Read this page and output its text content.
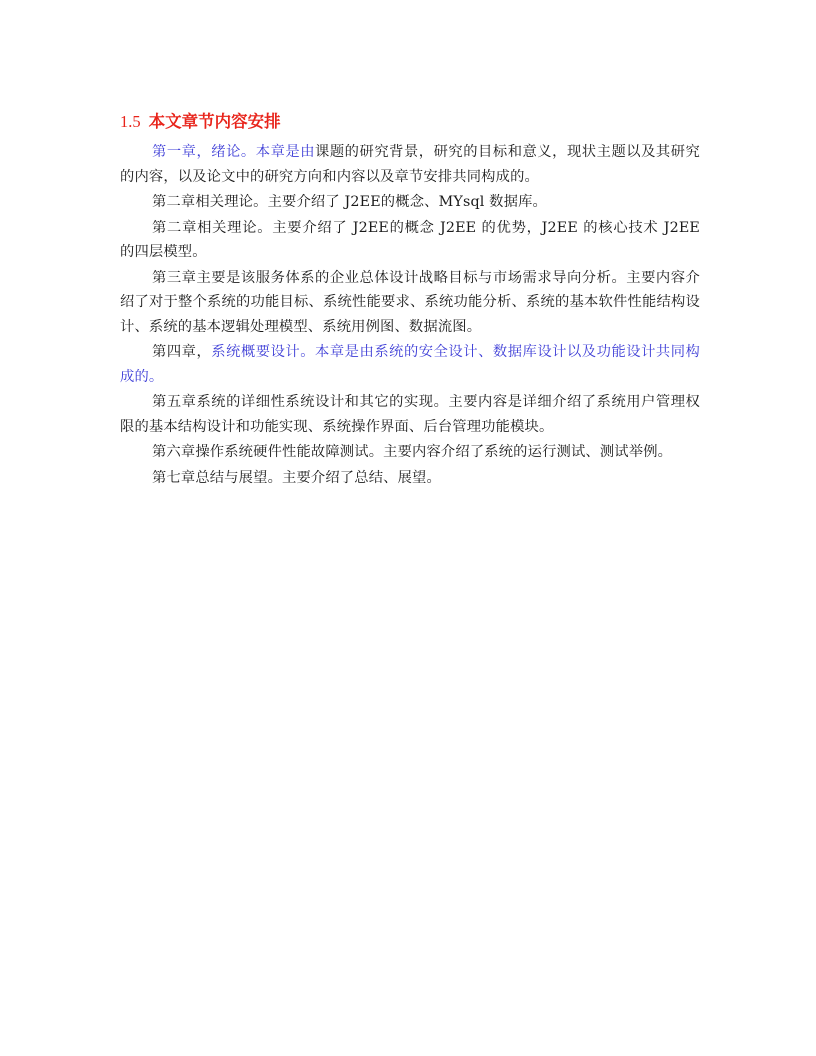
1.5 本文章节内容安排

第一章，绪论。本章是由课题的研究背景，研究的目标和意义，现状主题以及其研究的内容，以及论文中的研究方向和内容以及章节安排共同构成的。

第二章相关理论。主要介绍了 J2EE的概念、MYsql 数据库。

第二章相关理论。主要介绍了 J2EE的概念 J2EE 的优势，J2EE 的核心技术 J2EE 的四层模型。

第三章主要是该服务体系的企业总体设计战略目标与市场需求导向分析。主要内容介绍了对于整个系统的功能目标、系统性能要求、系统功能分析、系统的基本软件性能结构设计、系统的基本逻辑处理模型、系统用例图、数据流图。

第四章，系统概要设计。本章是由系统的安全设计、数据库设计以及功能设计共同构成的。

第五章系统的详细性系统设计和其它的实现。主要内容是详细介绍了系统用户管理权限的基本结构设计和功能实现、系统操作界面、后台管理功能模块。

第六章操作系统硬件性能故障测试。主要内容介绍了系统的运行测试、测试举例。

第七章总结与展望。主要介绍了总结、展望。
